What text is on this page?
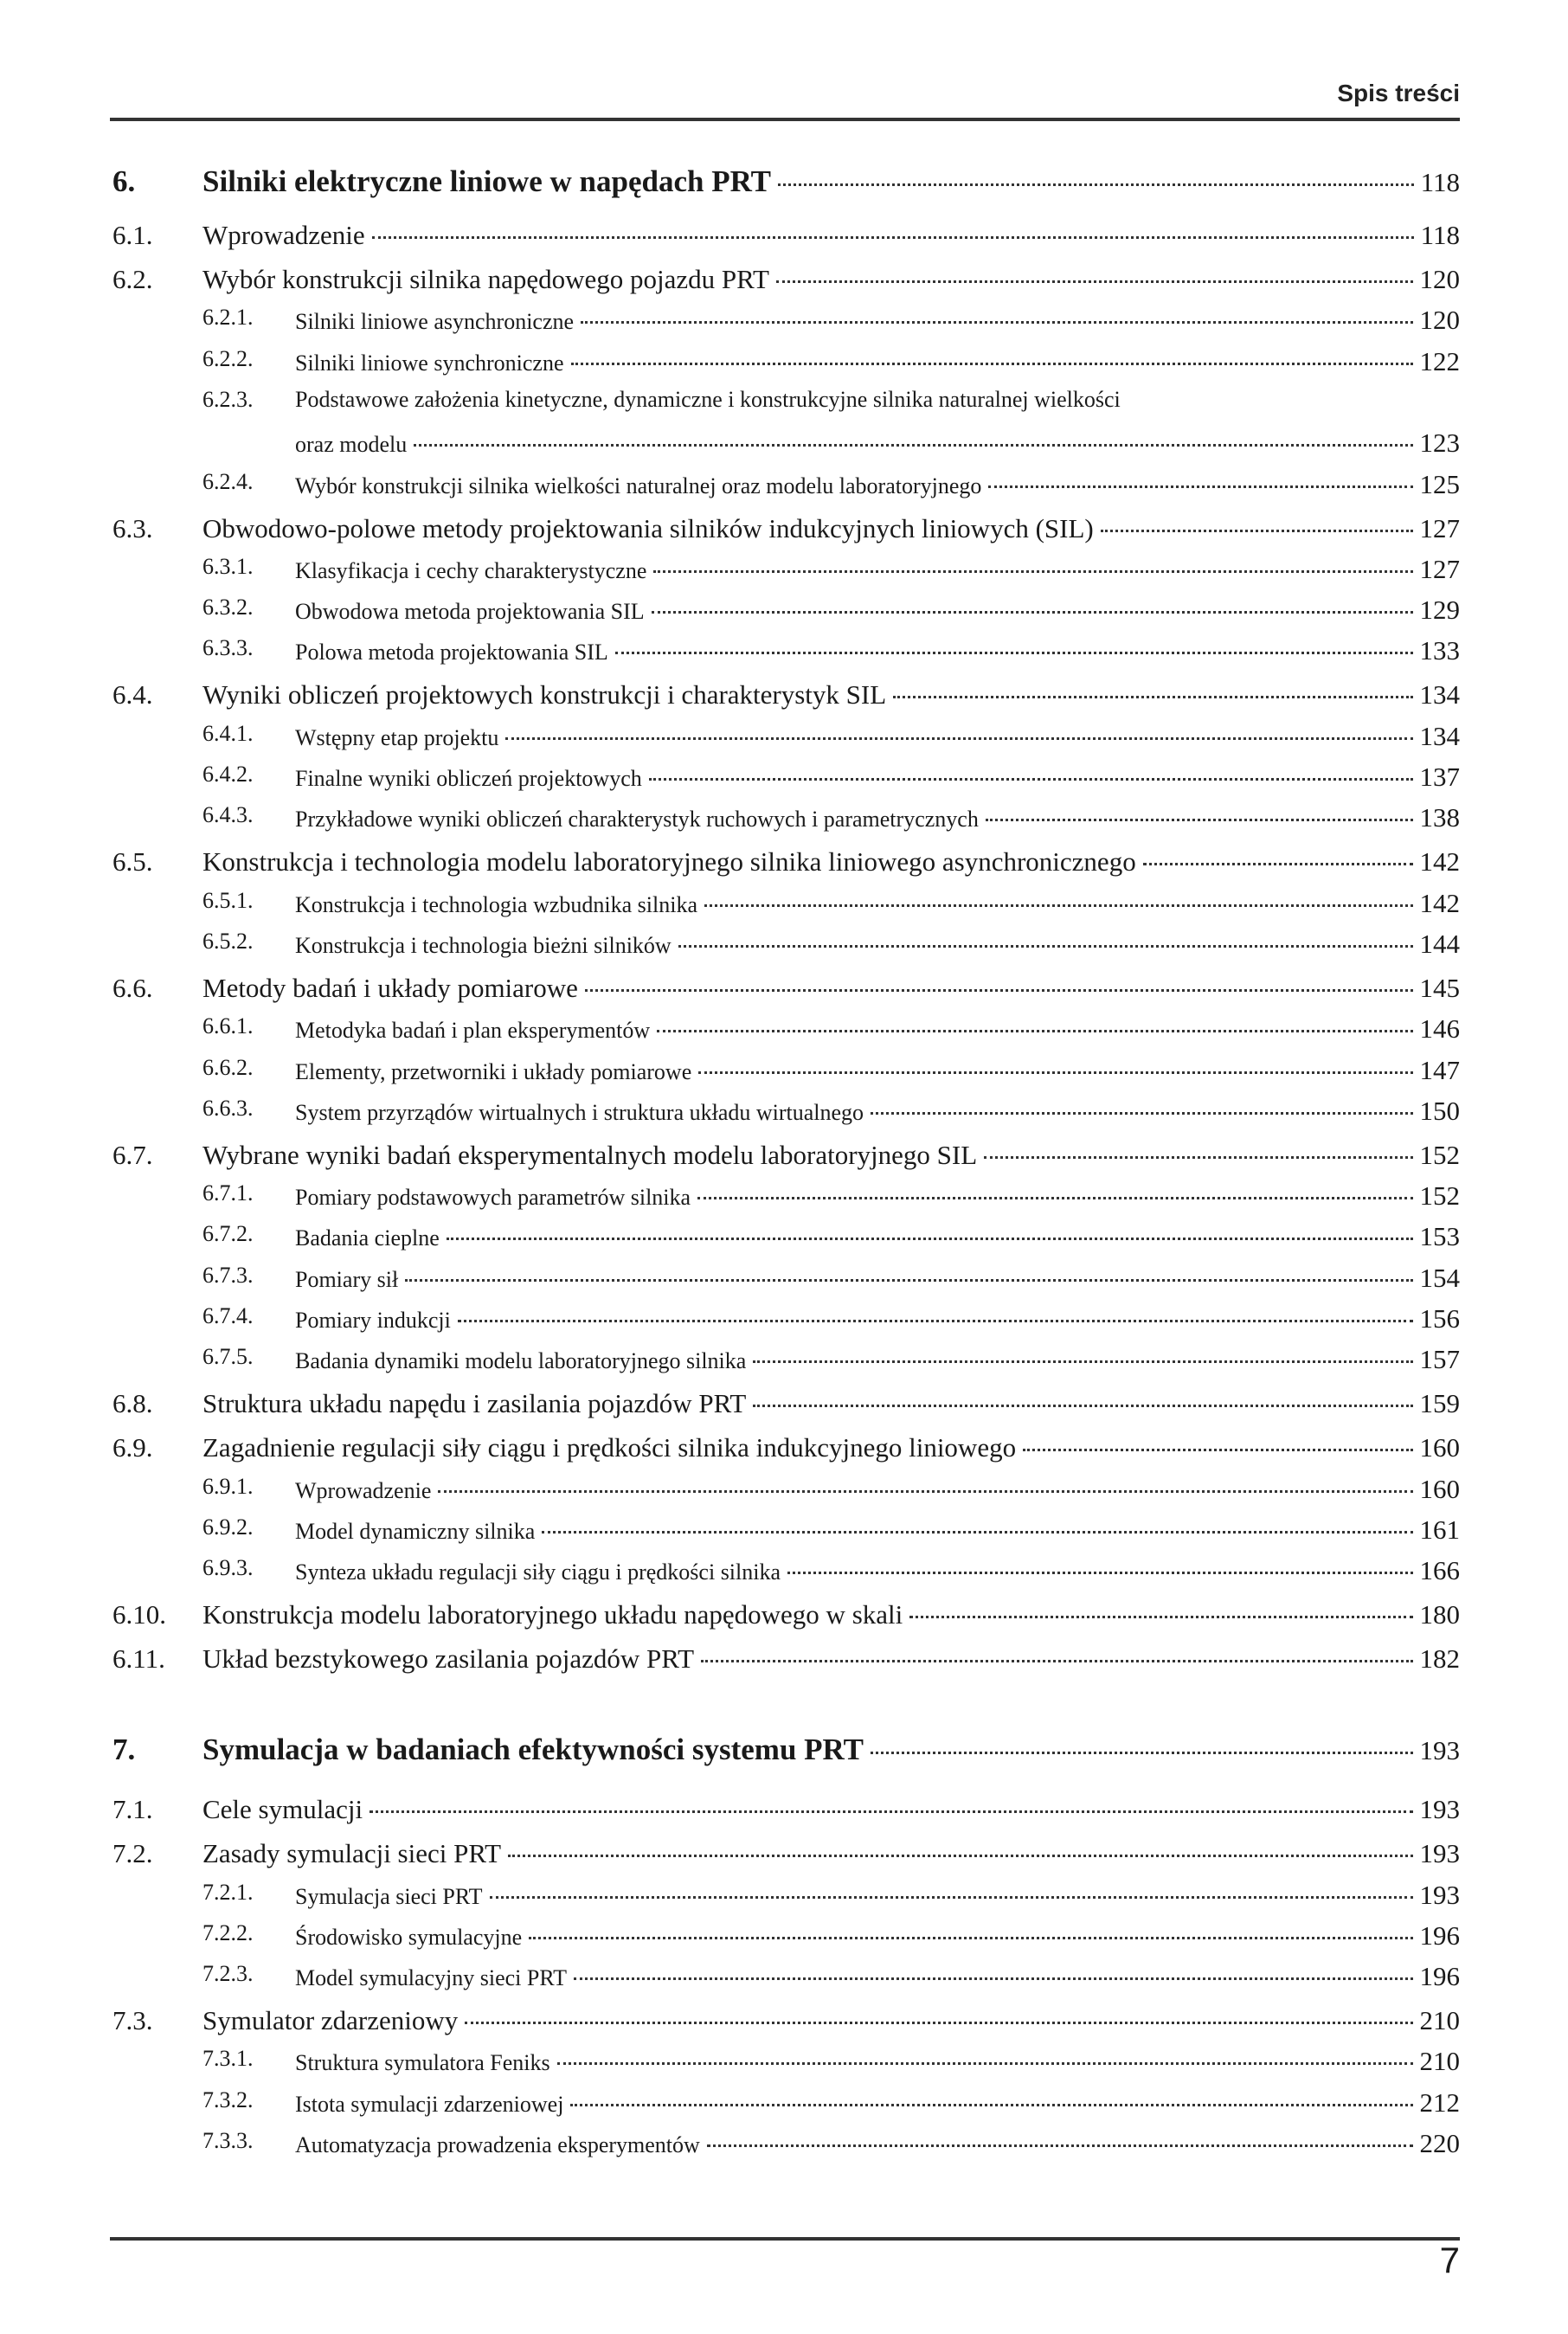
Spis treści
6. Silniki elektryczne liniowe w napędach PRT	118
6.1. Wprowadzenie	118
6.2. Wybór konstrukcji silnika napędowego pojazdu PRT	120
6.2.1. Silniki liniowe asynchroniczne	120
6.2.2. Silniki liniowe synchroniczne	122
6.2.3. Podstawowe założenia kinetyczne, dynamiczne i konstrukcyjne silnika naturalnej wielkości
oraz modelu	123
6.2.4. Wybór konstrukcji silnika wielkości naturalnej oraz modelu laboratoryjnego	125
6.3. Obwodowo-polowe metody projektowania silników indukcyjnych liniowych (SIL)	127
6.3.1. Klasyfikacja i cechy charakterystyczne	127
6.3.2. Obwodowa metoda projektowania SIL	129
6.3.3. Polowa metoda projektowania SIL	133
6.4. Wyniki obliczeń projektowych konstrukcji i charakterystyk SIL	134
6.4.1. Wstępny etap projektu	134
6.4.2. Finalne wyniki obliczeń projektowych	137
6.4.3. Przykładowe wyniki obliczeń charakterystyk ruchowych i parametrycznych	138
6.5. Konstrukcja i technologia modelu laboratoryjnego silnika liniowego asynchronicznego	142
6.5.1. Konstrukcja i technologia wzbudnika silnika	142
6.5.2. Konstrukcja i technologia bieżni silników	144
6.6. Metody badań i układy pomiarowe	145
6.6.1. Metodyka badań i plan eksperymentów	146
6.6.2. Elementy, przetworniki i układy pomiarowe	147
6.6.3. System przyrządów wirtualnych i struktura układu wirtualnego	150
6.7. Wybrane wyniki badań eksperymentalnych modelu laboratoryjnego SIL	152
6.7.1. Pomiary podstawowych parametrów silnika	152
6.7.2. Badania cieplne	153
6.7.3. Pomiary sił	154
6.7.4. Pomiary indukcji	156
6.7.5. Badania dynamiki modelu laboratoryjnego silnika	157
6.8. Struktura układu napędu i zasilania pojazdów PRT	159
6.9. Zagadnienie regulacji siły ciągu i prędkości silnika indukcyjnego liniowego	160
6.9.1. Wprowadzenie	160
6.9.2. Model dynamiczny silnika	161
6.9.3. Synteza układu regulacji siły ciągu i prędkości silnika	166
6.10. Konstrukcja modelu laboratoryjnego układu napędowego w skali	180
6.11. Układ bezstykowego zasilania pojazdów PRT	182
7. Symulacja w badaniach efektywności systemu PRT	193
7.1. Cele symulacji	193
7.2. Zasady symulacji sieci PRT	193
7.2.1. Symulacja sieci PRT	193
7.2.2. Środowisko symulacyjne	196
7.2.3. Model symulacyjny sieci PRT	196
7.3. Symulator zdarzeniowy	210
7.3.1. Struktura symulatora Feniks	210
7.3.2. Istota symulacji zdarzeniowej	212
7.3.3. Automatyzacja prowadzenia eksperymentów	220
7
